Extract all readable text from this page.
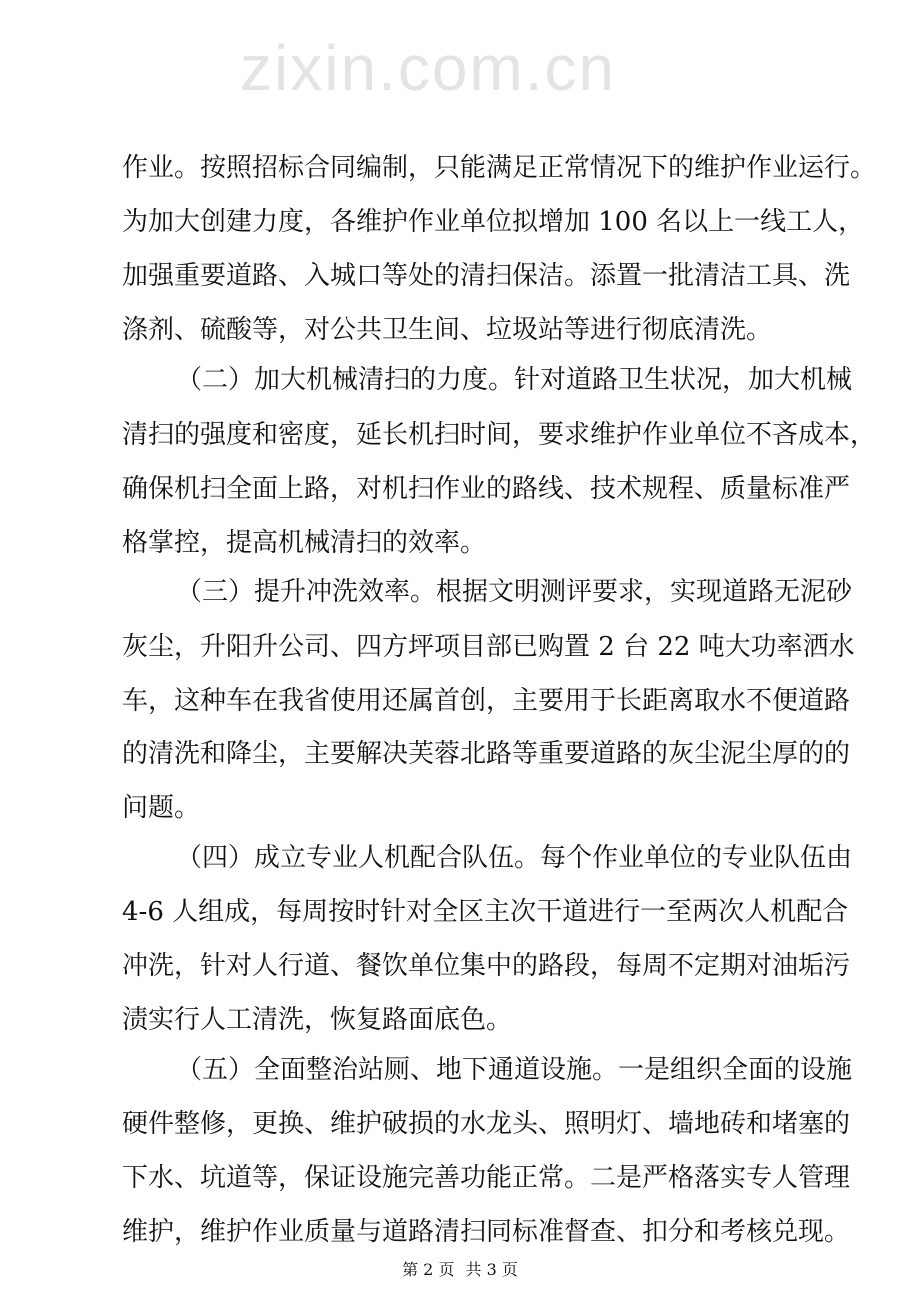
zixin.com.cn
作业。按照招标合同编制，只能满足正常情况下的维护作业运行。
为加大创建力度，各维护作业单位拟增加 100 名以上一线工人，
加强重要道路、入城口等处的清扫保洁。添置一批清洁工具、洗
涤剂、硫酸等，对公共卫生间、垃圾站等进行彻底清洗。
（二）加大机械清扫的力度。针对道路卫生状况，加大机械
清扫的强度和密度，延长机扫时间，要求维护作业单位不吝成本，
确保机扫全面上路，对机扫作业的路线、技术规程、质量标准严
格掌控，提高机械清扫的效率。
（三）提升冲洗效率。根据文明测评要求，实现道路无泥砂
灰尘，升阳升公司、四方坪项目部已购置 2 台 22 吨大功率洒水
车，这种车在我省使用还属首创，主要用于长距离取水不便道路
的清洗和降尘，主要解决芙蓉北路等重要道路的灰尘泥尘厚的的
问题。
（四）成立专业人机配合队伍。每个作业单位的专业队伍由
4-6 人组成，每周按时针对全区主次干道进行一至两次人机配合
冲洗，针对人行道、餐饮单位集中的路段，每周不定期对油垢污
渍实行人工清洗，恢复路面底色。
（五）全面整治站厕、地下通道设施。一是组织全面的设施
硬件整修，更换、维护破损的水龙头、照明灯、墙地砖和堵塞的
下水、坑道等，保证设施完善功能正常。二是严格落实专人管理
维护，维护作业质量与道路清扫同标准督查、扣分和考核兑现。
第 2 页 共 3 页
